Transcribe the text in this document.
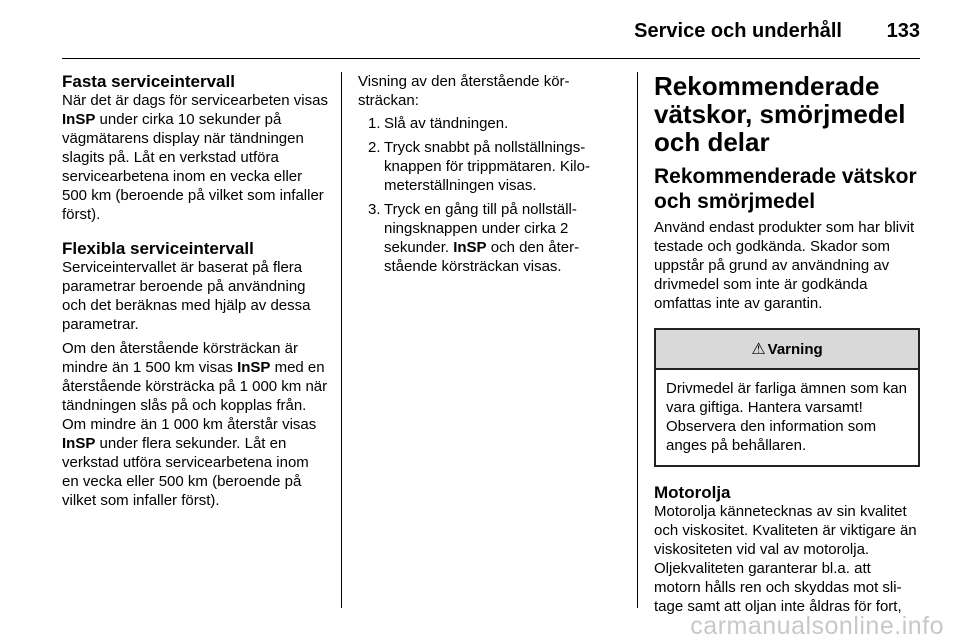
Service och underhåll 133
Fasta serviceintervall

När det är dags för servicearbeten visas InSP under cirka 10 sekunder på vägmätarens display när tändningen slagits på. Låt en verkstad utföra servicearbetena inom en vecka eller 500 km (beroende på vilket som infaller först).

Flexibla serviceintervall

Serviceintervallet är baserat på flera parametrar beroende på användning och det beräknas med hjälp av dessa parametrar.

Om den återstående körsträckan är mindre än 1 500 km visas InSP med en återstående körsträcka på 1 000 km när tändningen slås på och kopplas från. Om mindre än 1 000 km återstår visas InSP under flera sekunder. Låt en verkstad utföra servicearbetena inom en vecka eller 500 km (beroende på vilket som infaller först).

Visning av den återstående körsträckan:

1. Slå av tändningen.
2. Tryck snabbt på nollställningsknappen för trippmätaren. Kilometerställningen visas.
3. Tryck en gång till på nollställningsknappen under cirka 2 sekunder. InSP och den återstående körsträckan visas.
Rekommenderade vätskor, smörjmedel och delar
Rekommenderade vätskor och smörjmedel

Använd endast produkter som har blivit testade och godkända. Skador som uppstår på grund av användning av drivmedel som inte är godkända omfattas inte av garantin.

⚠ Varning
Drivmedel är farliga ämnen som kan vara giftiga. Hantera varsamt! Observera den information som anges på behållaren.
Motorolja

Motorolja kännetecknas av sin kvalitet och viskositet. Kvaliteten är viktigare än viskositeten vid val av motorolja. Oljekvaliteten garanterar bl.a. att motorn hålls ren och skyddas mot slitage samt att oljan inte åldras för fort,

carmanualsonline.info
